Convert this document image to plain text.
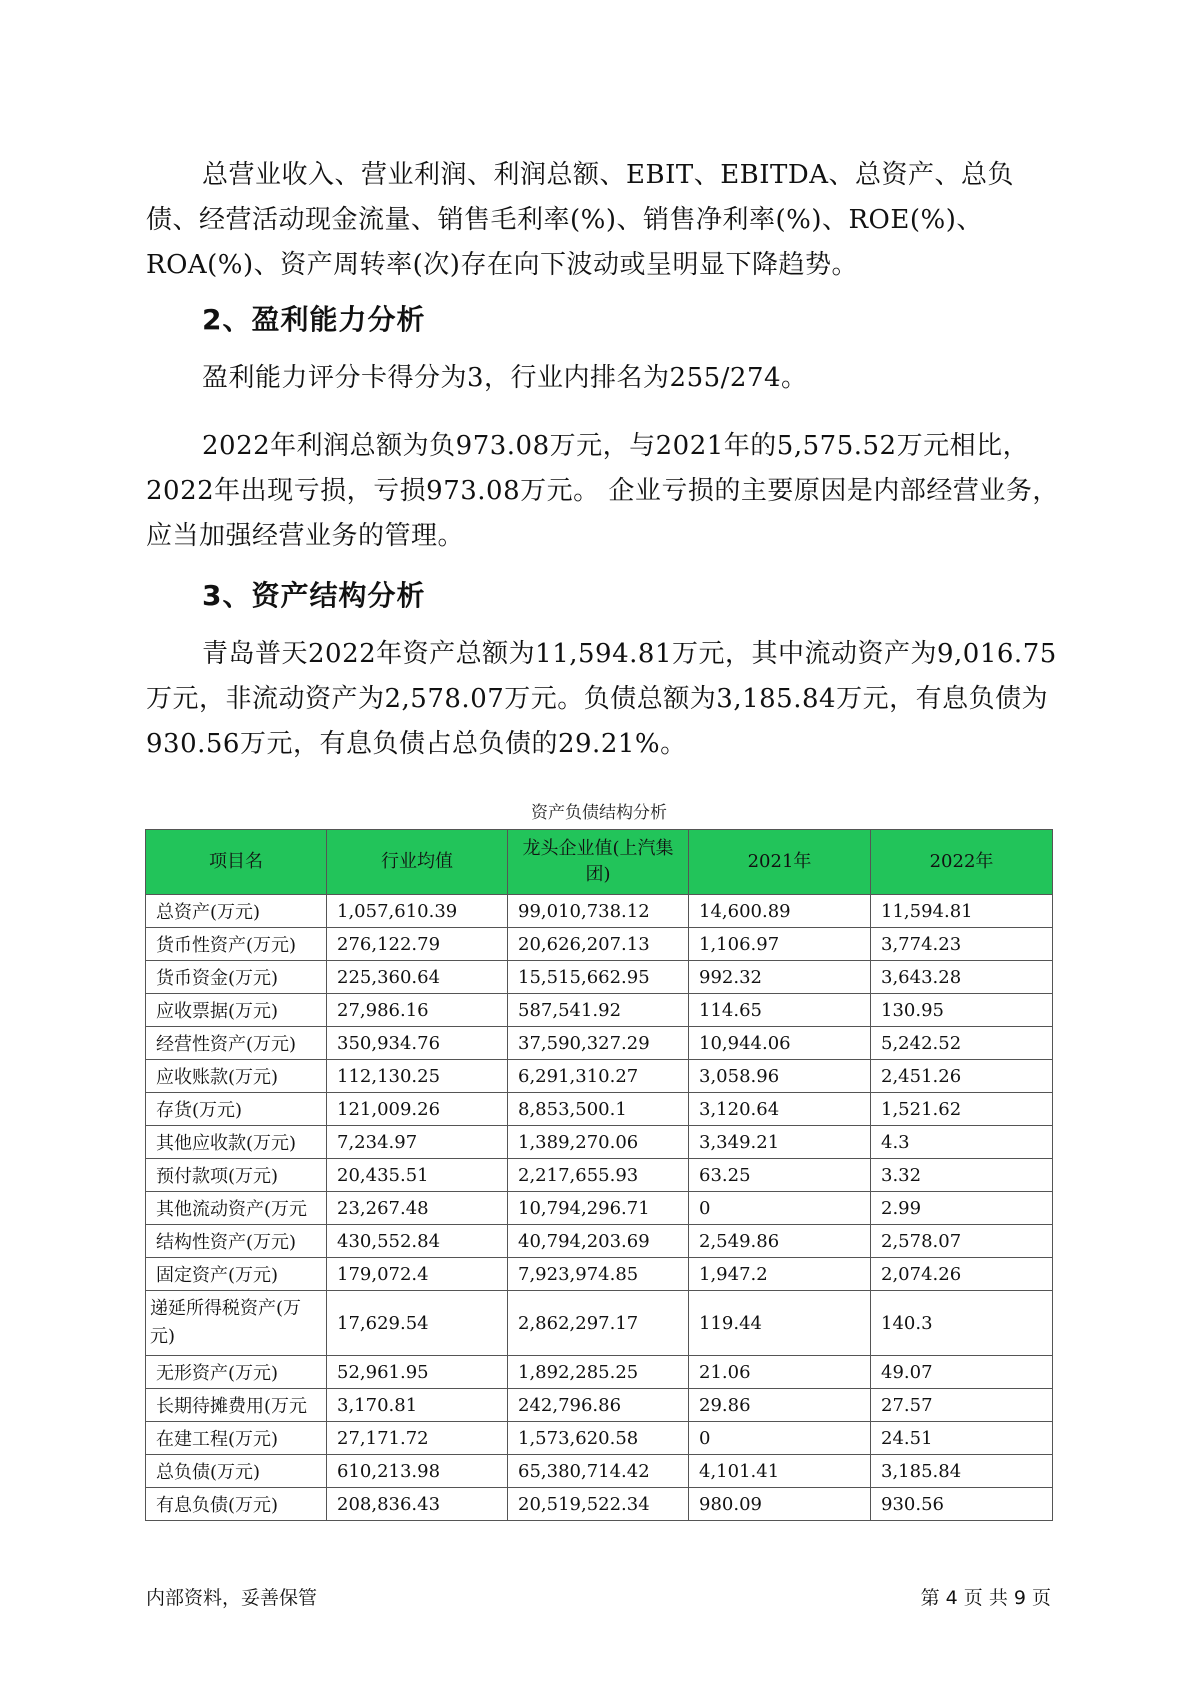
总营业收入、营业利润、利润总额、EBIT、EBITDA、总资产、总负债、经营活动现金流量、销售毛利率(%)、销售净利率(%)、ROE(%)、ROA(%)、资产周转率(次)存在向下波动或呈明显下降趋势。

2、盈利能力分析

盈利能力评分卡得分为3，行业内排名为255/274。

2022年利润总额为负973.08万元，与2021年的5,575.52万元相比，2022年出现亏损，亏损973.08万元。 企业亏损的主要原因是内部经营业务，应当加强经营业务的管理。

3、资产结构分析

青岛普天2022年资产总额为11,594.81万元，其中流动资产为9,016.75万元，非流动资产为2,578.07万元。负债总额为3,185.84万元，有息负债为930.56万元，有息负债占总负债的29.21%。

资产负债结构分析
项目名	行业均值	龙头企业值(上汽集团)	2021年	2022年
总资产(万元)	1,057,610.39	99,010,738.12	14,600.89	11,594.81
货币性资产(万元)	276,122.79	20,626,207.13	1,106.97	3,774.23
货币资金(万元)	225,360.64	15,515,662.95	992.32	3,643.28
应收票据(万元)	27,986.16	587,541.92	114.65	130.95
经营性资产(万元)	350,934.76	37,590,327.29	10,944.06	5,242.52
应收账款(万元)	112,130.25	6,291,310.27	3,058.96	2,451.26
存货(万元)	121,009.26	8,853,500.1	3,120.64	1,521.62
其他应收款(万元)	7,234.97	1,389,270.06	3,349.21	4.3
预付款项(万元)	20,435.51	2,217,655.93	63.25	3.32
其他流动资产(万元	23,267.48	10,794,296.71	0	2.99
结构性资产(万元)	430,552.84	40,794,203.69	2,549.86	2,578.07
固定资产(万元)	179,072.4	7,923,974.85	1,947.2	2,074.26
递延所得税资产(万元)	17,629.54	2,862,297.17	119.44	140.3
无形资产(万元)	52,961.95	1,892,285.25	21.06	49.07
长期待摊费用(万元	3,170.81	242,796.86	29.86	27.57
在建工程(万元)	27,171.72	1,573,620.58	0	24.51
总负债(万元)	610,213.98	65,380,714.42	4,101.41	3,185.84
有息负债(万元)	208,836.43	20,519,522.34	980.09	930.56
内部资料，妥善保管	第 4 页 共 9 页
